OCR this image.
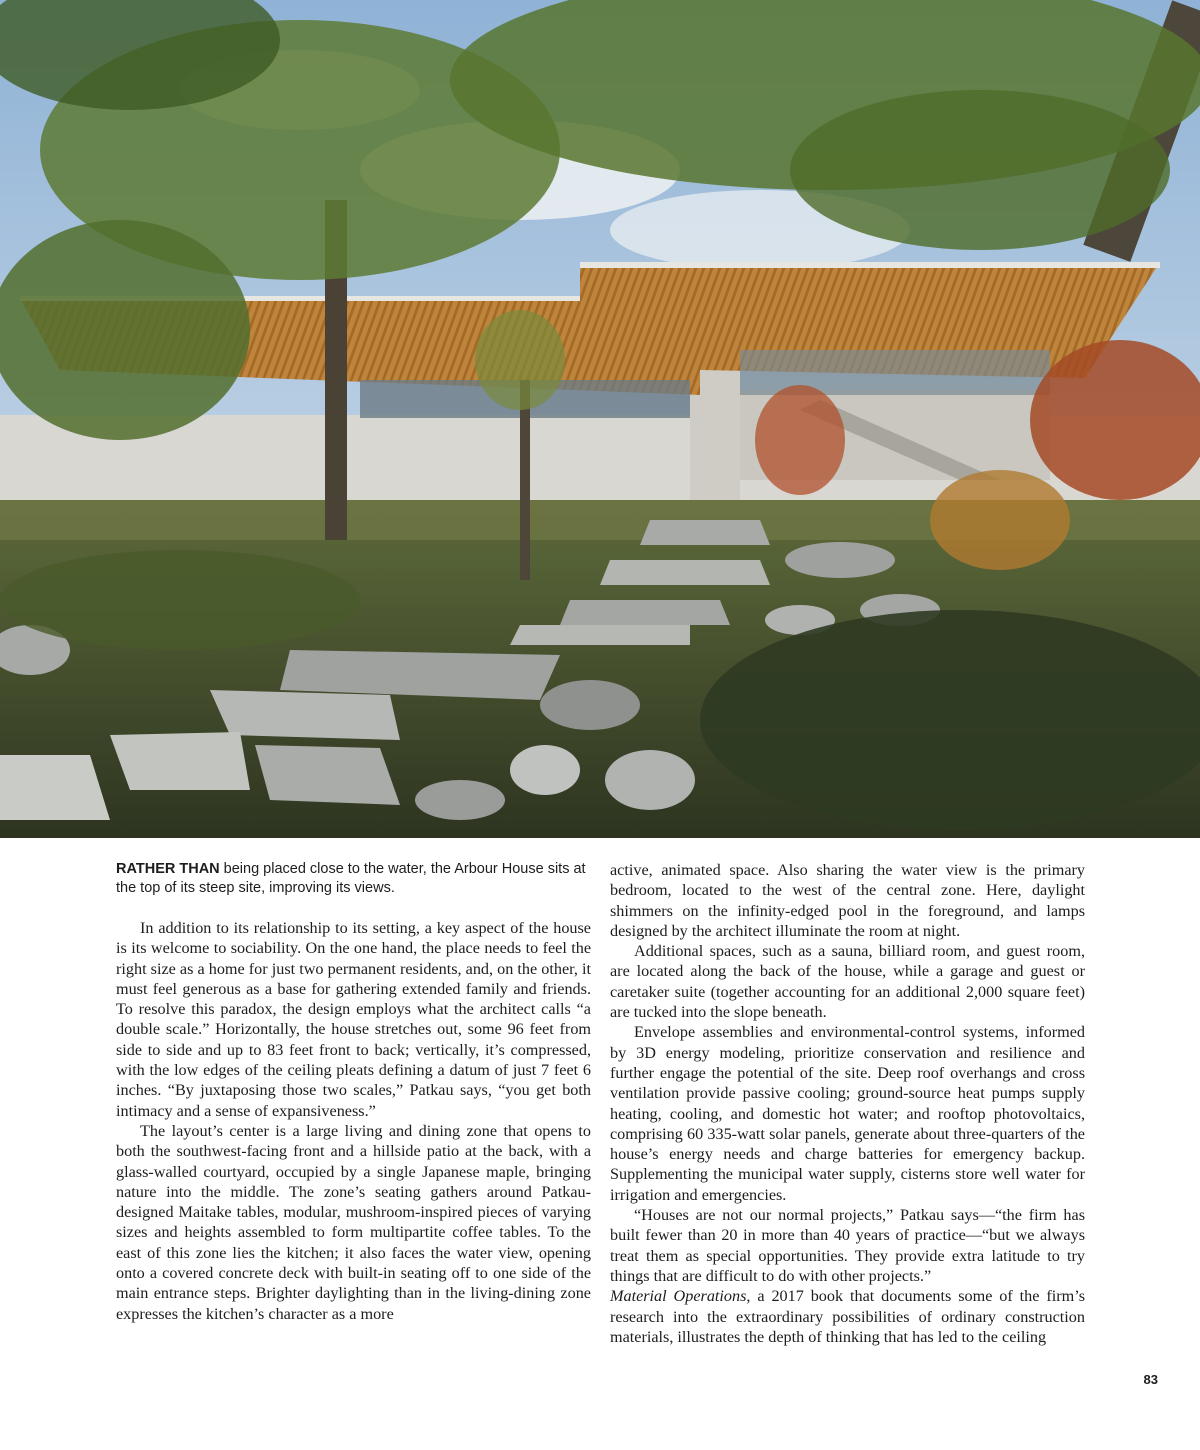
RATHER THAN being placed close to the water, the Arbour House sits at the top of its steep site, improving its views.

In addition to its relationship to its setting, a key aspect of the house is its welcome to sociability. On the one hand, the place needs to feel the right size as a home for just two permanent residents, and, on the other, it must feel generous as a base for gathering extended family and friends. To resolve this paradox, the design employs what the architect calls “a double scale.” Horizontally, the house stretches out, some 96 feet from side to side and up to 83 feet front to back; vertically, it’s compressed, with the low edges of the ceiling pleats defining a datum of just 7 feet 6 inches. “By juxtaposing those two scales,” Patkau says, “you get both intimacy and a sense of expansiveness.”

The layout’s center is a large living and dining zone that opens to both the southwest-facing front and a hillside patio at the back, with a glass-walled courtyard, occupied by a single Japanese maple, bringing nature into the middle. The zone’s seating gathers around Patkau-designed Maitake tables, modular, mushroom-inspired pieces of varying sizes and heights assembled to form multipartite coffee tables. To the east of this zone lies the kitchen; it also faces the water view, opening onto a covered concrete deck with built-in seating off to one side of the main entrance steps. Brighter daylighting than in the living-dining zone expresses the kitchen’s character as a more

active, animated space. Also sharing the water view is the primary bedroom, located to the west of the central zone. Here, daylight shimmers on the infinity-edged pool in the foreground, and lamps designed by the architect illuminate the room at night.

Additional spaces, such as a sauna, billiard room, and guest room, are located along the back of the house, while a garage and guest or caretaker suite (together accounting for an additional 2,000 square feet) are tucked into the slope beneath.

Envelope assemblies and environmental-control systems, informed by 3D energy modeling, prioritize conservation and resilience and further engage the potential of the site. Deep roof overhangs and cross ventilation provide passive cooling; ground-source heat pumps supply heating, cooling, and domestic hot water; and rooftop photovoltaics, comprising 60 335-watt solar panels, generate about three-quarters of the house’s energy needs and charge batteries for emergency backup. Supplementing the municipal water supply, cisterns store well water for irrigation and emergencies.

“Houses are not our normal projects,” Patkau says—“the firm has built fewer than 20 in more than 40 years of practice—“but we always treat them as special opportunities. They provide extra latitude to try things that are difficult to do with other projects.”

Material Operations, a 2017 book that documents some of the firm’s research into the extraordinary possibilities of ordinary construction materials, illustrates the depth of thinking that has led to the ceiling

83
